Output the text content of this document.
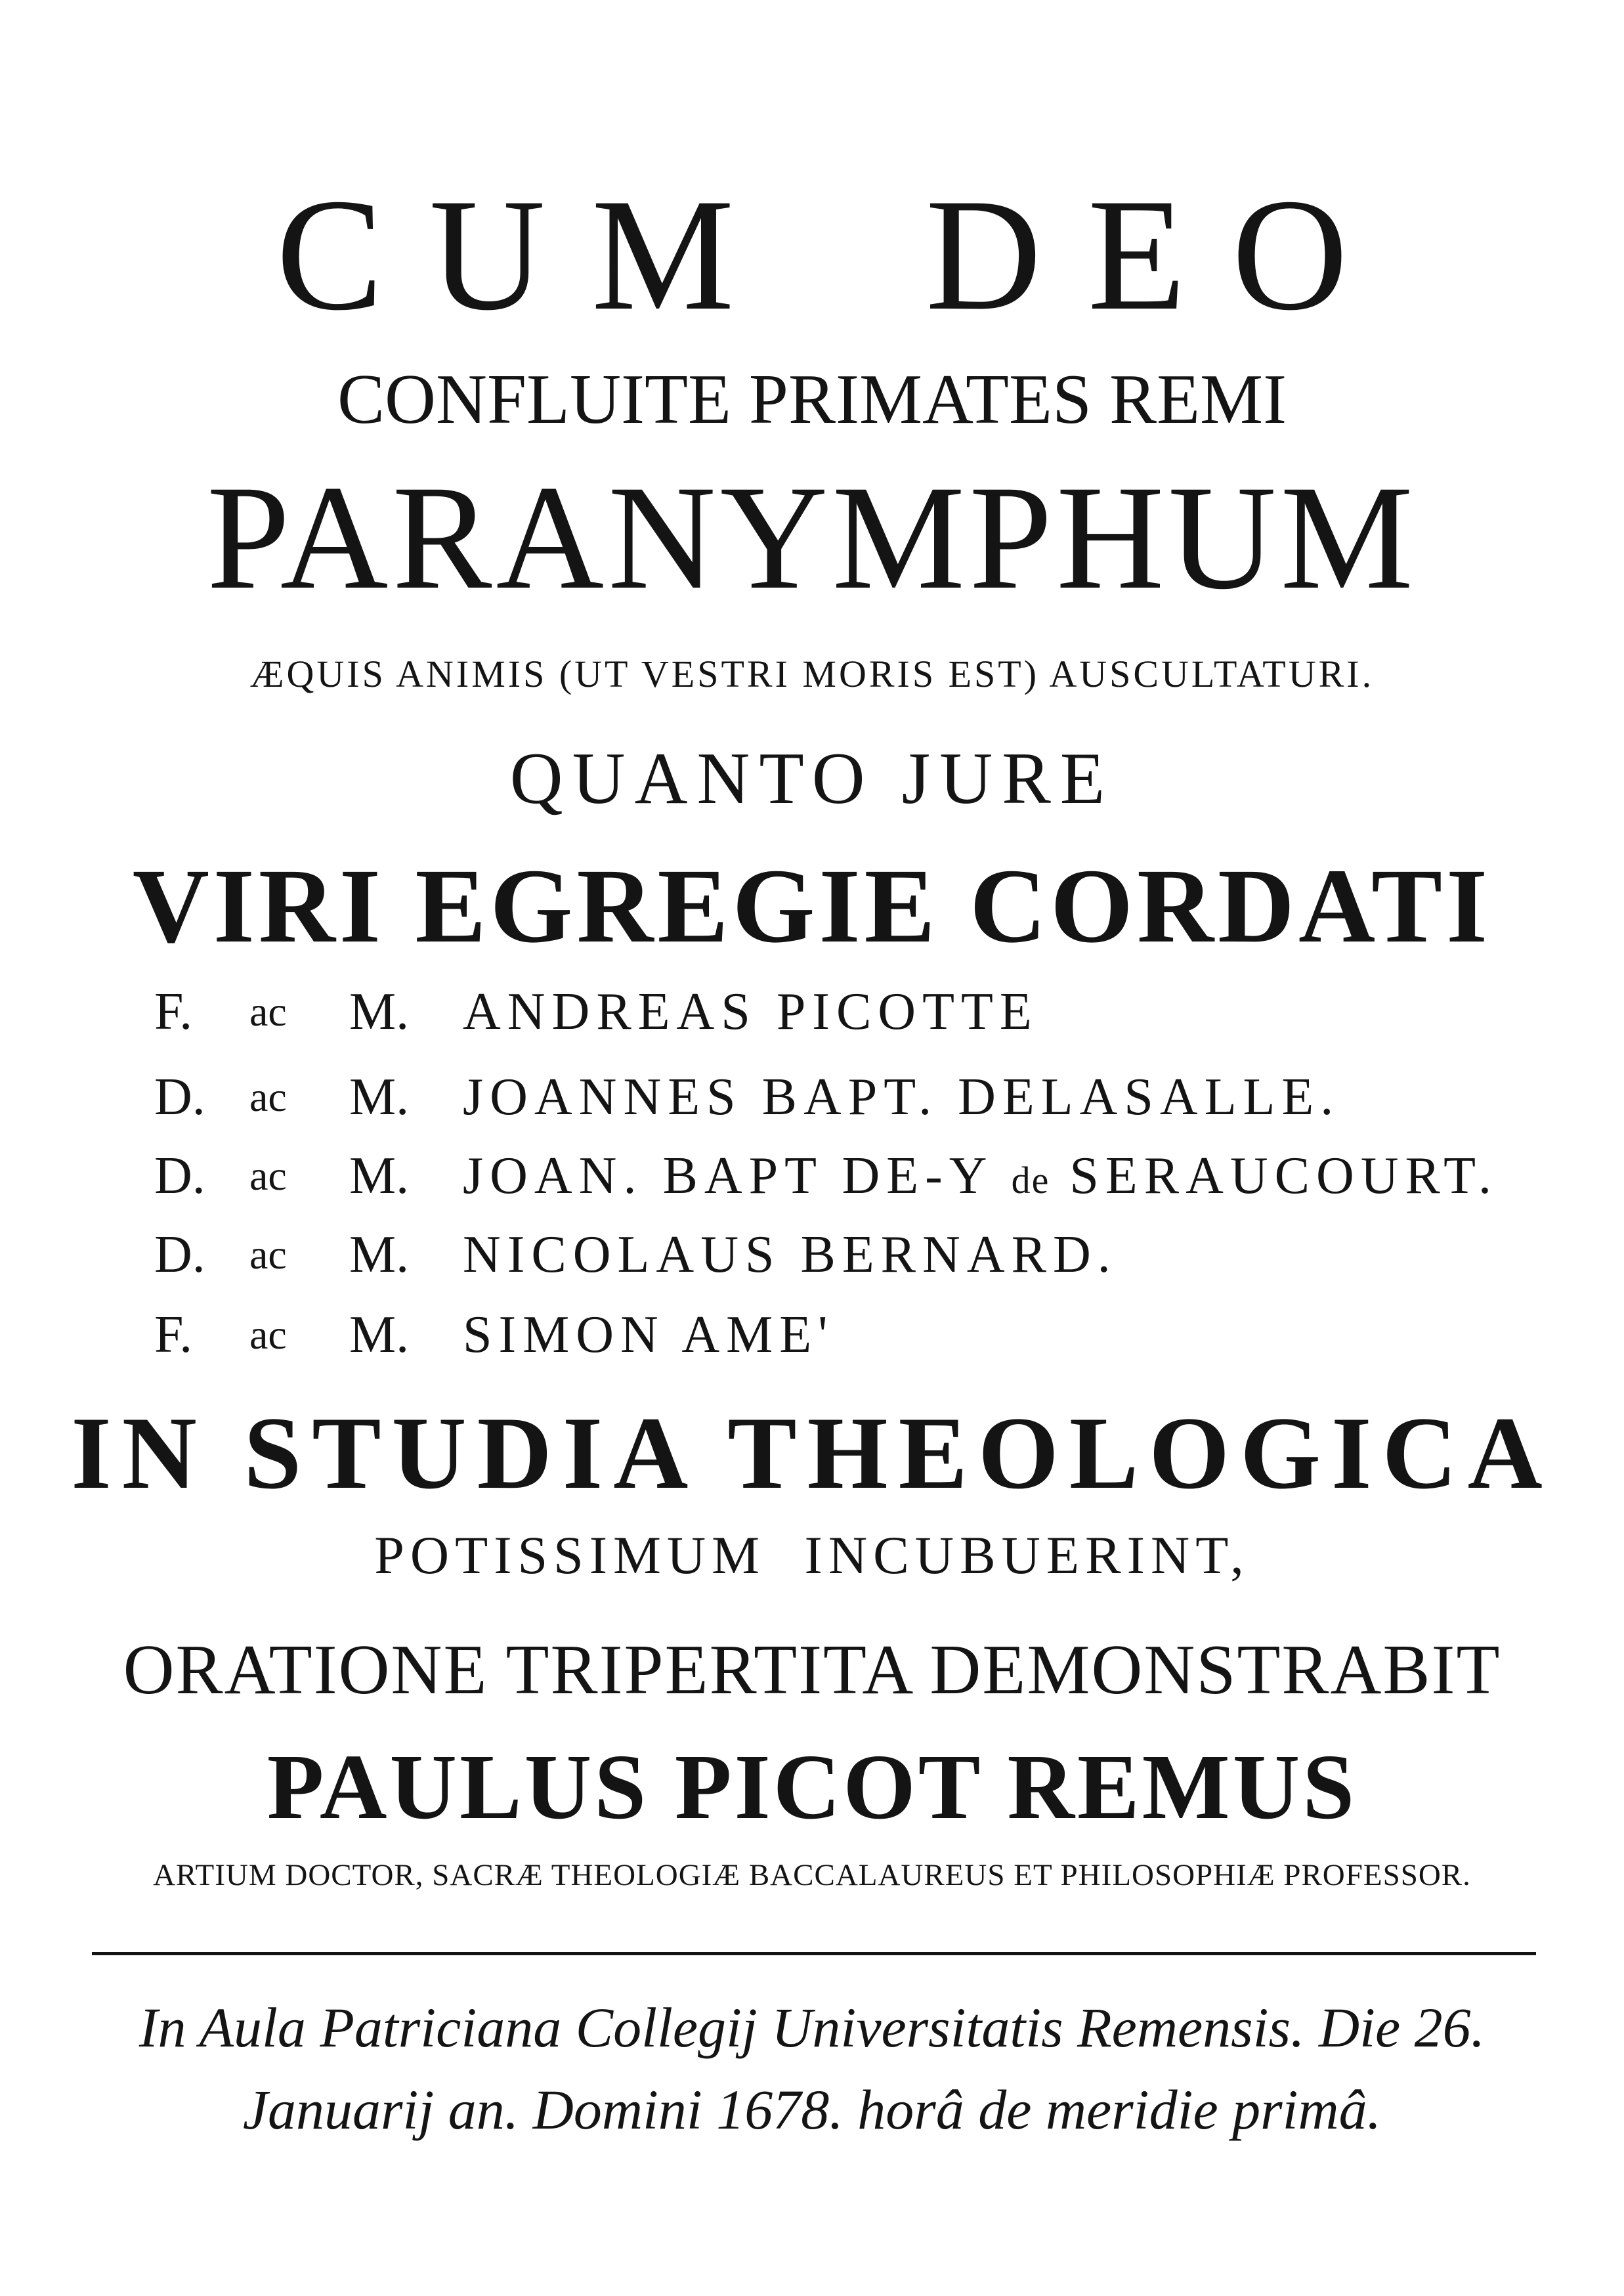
CUM DEO
CONFLUITE PRIMATES REMI
PARANYMPHUM
ÆQUIS ANIMIS (UT VESTRI MORIS EST) AUSCULTATURI.
QUANTO JURE
VIRI EGREGIE CORDATI
F. ac M. ANDREAS PICOTTE
D. ac M. JOANNES BAPT. DELASALLE.
D. ac M. JOAN. BAPT DE-Y de SERAUCOURT.
D. ac M. NICOLAUS BERNARD.
F. ac M. SIMON AME'
IN STUDIA THEOLOGICA
POTISSIMUM INCUBUERINT,
ORATIONE TRIPERTITA DEMONSTRABIT
PAULUS PICOT REMUS
ARTIUM DOCTOR, SACRÆ THEOLOGIÆ BACCALAUREUS ET PHILOSOPHIÆ PROFESSOR.
In Aula Patriciana Collegij Universitatis Remensis. Die 26.
Januarij an. Domini 1678. horâ de meridie primâ.
